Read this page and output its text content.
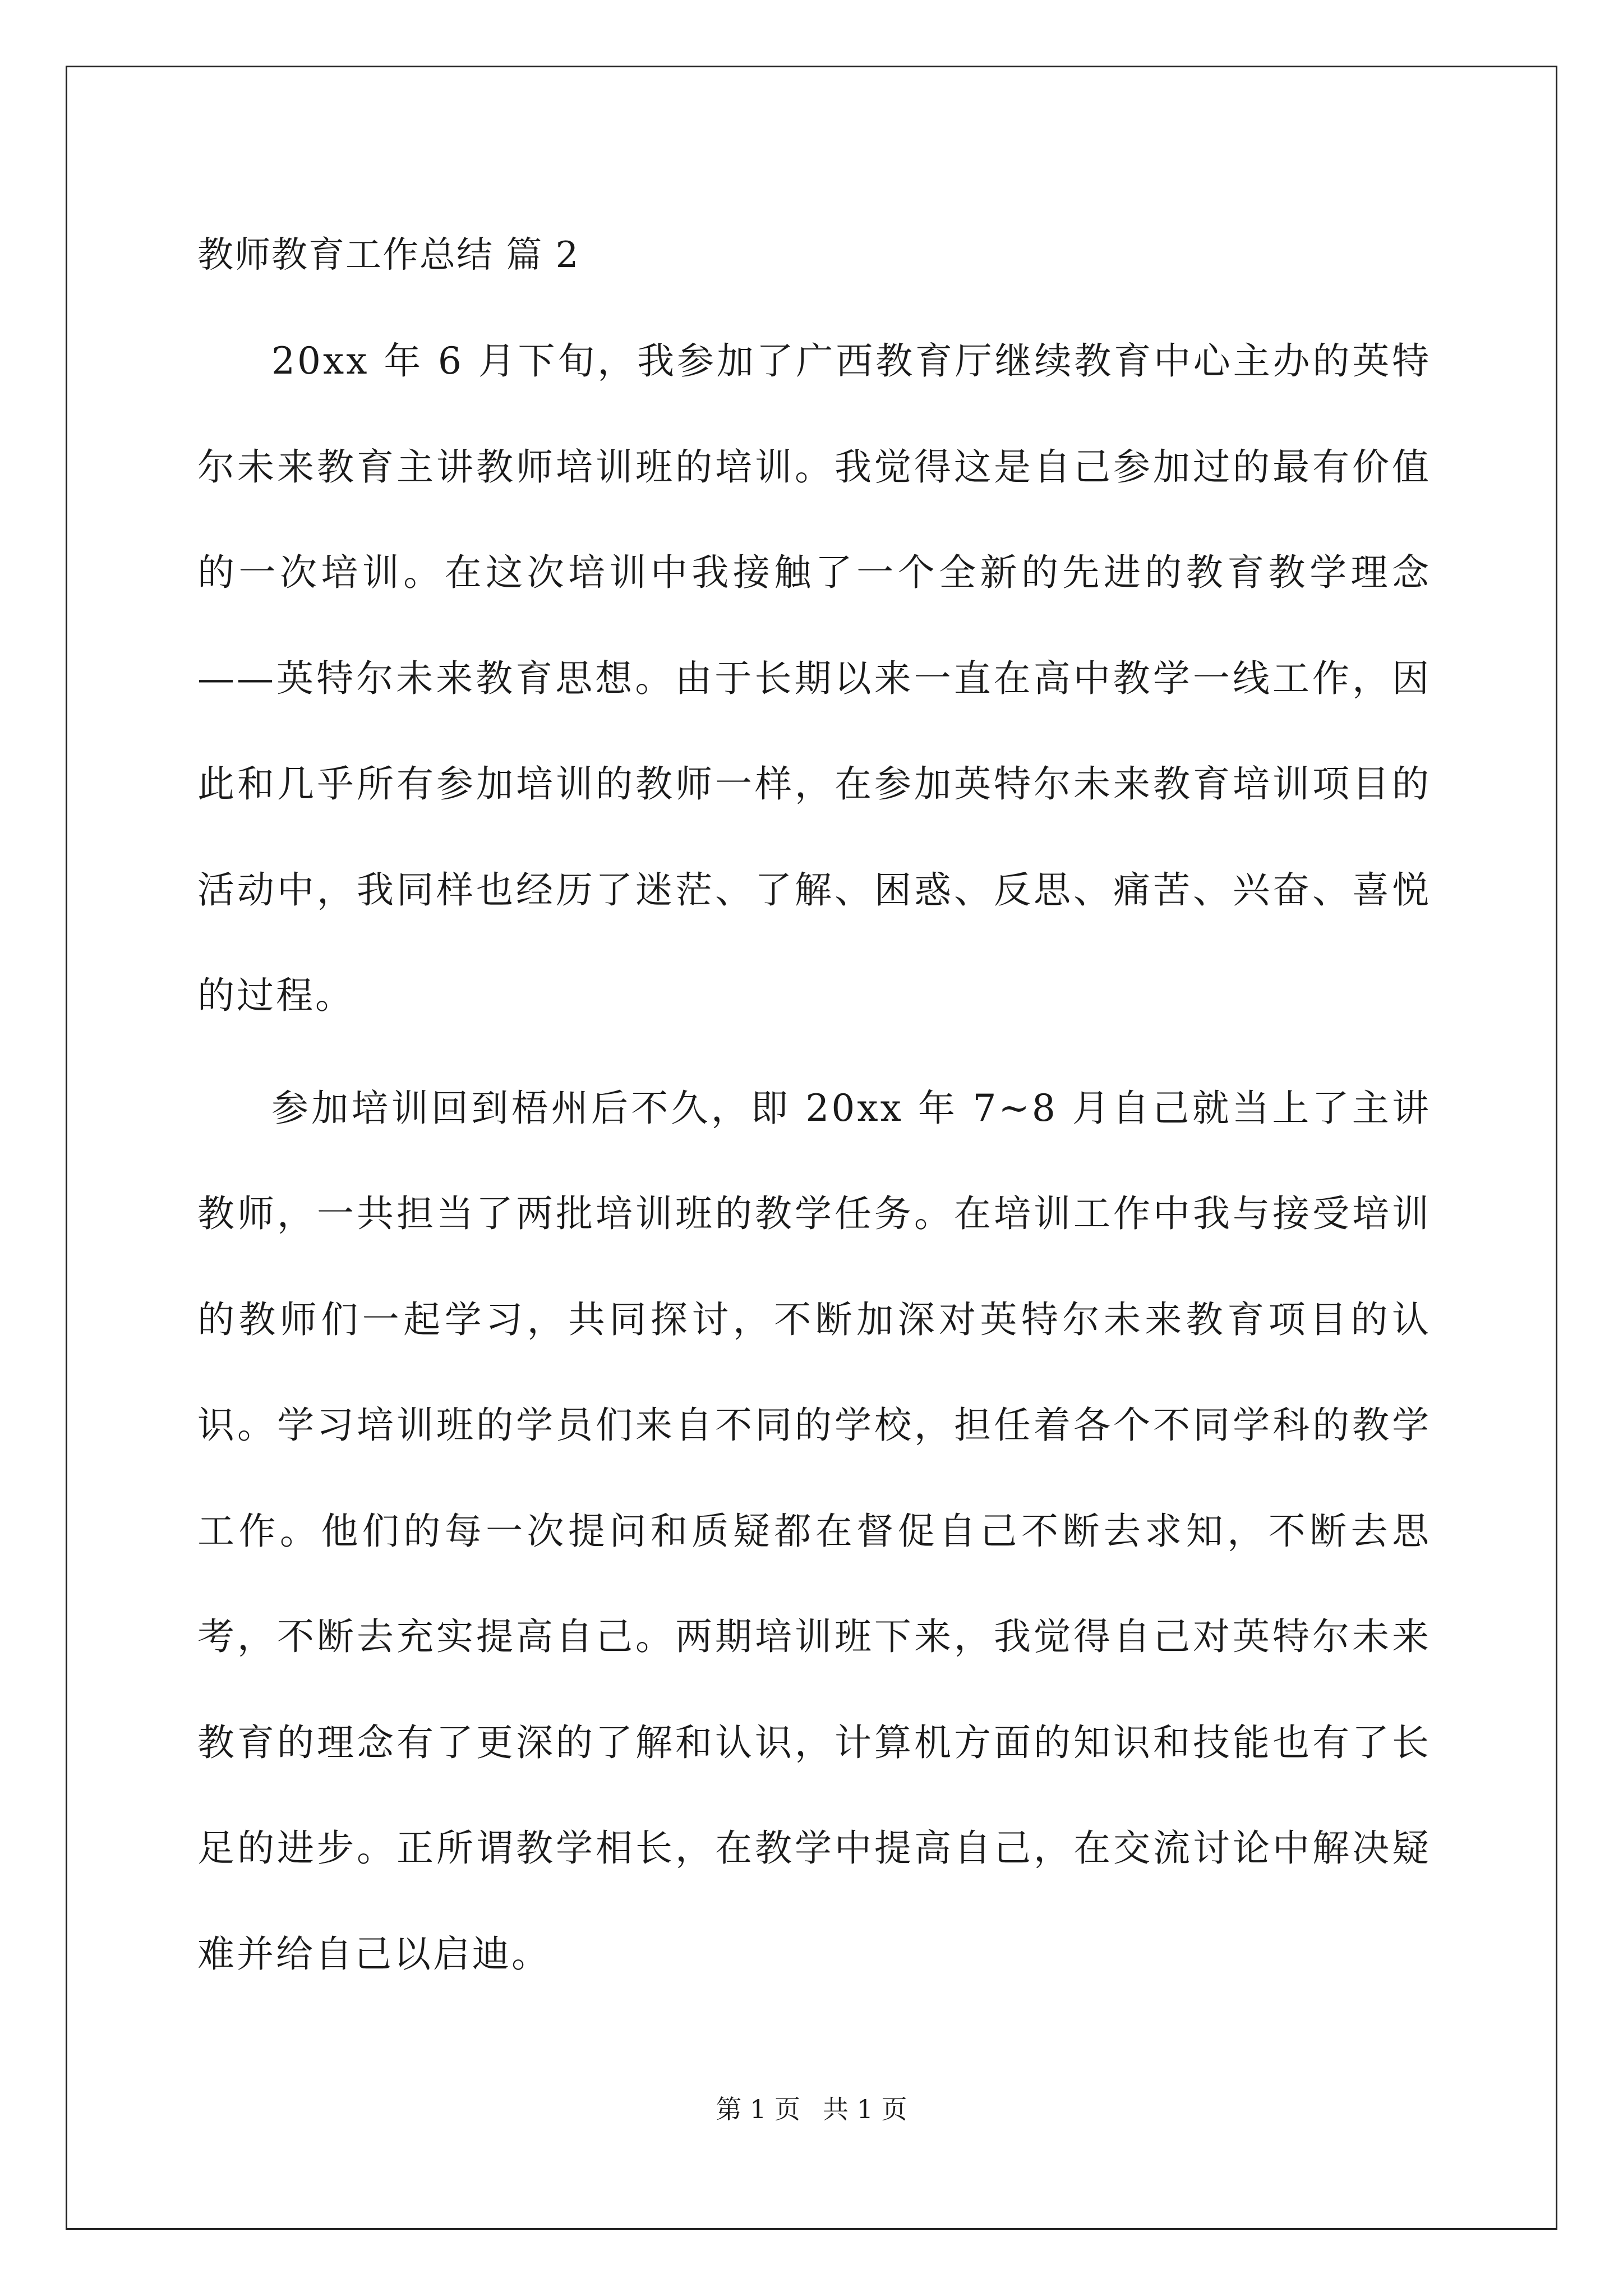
教师教育工作总结 篇 2

20xx 年 6 月下旬，我参加了广西教育厅继续教育中心主办的英特尔未来教育主讲教师培训班的培训。我觉得这是自己参加过的最有价值的一次培训。在这次培训中我接触了一个全新的先进的教育教学理念——英特尔未来教育思想。由于长期以来一直在高中教学一线工作，因此和几乎所有参加培训的教师一样，在参加英特尔未来教育培训项目的活动中，我同样也经历了迷茫、了解、困惑、反思、痛苦、兴奋、喜悦的过程。

参加培训回到梧州后不久，即 20xx 年 7~8 月自己就当上了主讲教师，一共担当了两批培训班的教学任务。在培训工作中我与接受培训的教师们一起学习，共同探讨，不断加深对英特尔未来教育项目的认识。学习培训班的学员们来自不同的学校，担任着各个不同学科的教学工作。他们的每一次提问和质疑都在督促自己不断去求知，不断去思考，不断去充实提高自己。两期培训班下来，我觉得自己对英特尔未来教育的理念有了更深的了解和认识，计算机方面的知识和技能也有了长足的进步。正所谓教学相长，在教学中提高自己，在交流讨论中解决疑难并给自己以启迪。

第 1 页 共 1 页
